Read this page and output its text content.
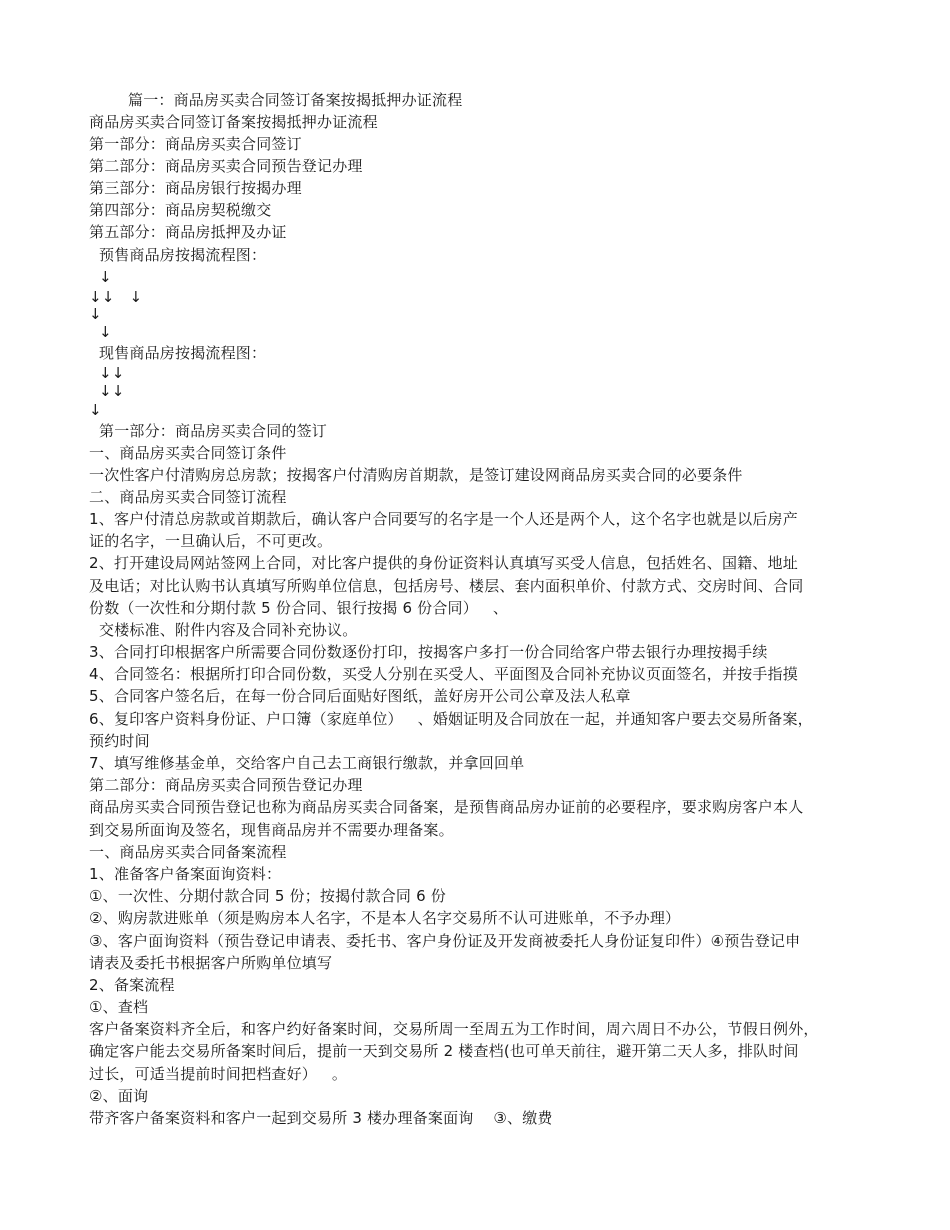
篇一：商品房买卖合同签订备案按揭抵押办证流程
商品房买卖合同签订备案按揭抵押办证流程
第一部分：商品房买卖合同签订
第二部分：商品房买卖合同预告登记办理
第三部分：商品房银行按揭办理
第四部分：商品房契税缴交
第五部分：商品房抵押及办证
预售商品房按揭流程图：
↓
↓↓   ↓
↓
↓
现售商品房按揭流程图：
↓↓
↓↓
↓
第一部分：商品房买卖合同的签订
一、商品房买卖合同签订条件
一次性客户付清购房总房款；按揭客户付清购房首期款，是签订建设网商品房买卖合同的必要条件
二、商品房买卖合同签订流程
1、客户付清总房款或首期款后，确认客户合同要写的名字是一个人还是两个人，这个名字也就是以后房产
证的名字，一旦确认后，不可更改。
2、打开建设局网站签网上合同，对比客户提供的身份证资料认真填写买受人信息，包括姓名、国籍、地址
及电话；对比认购书认真填写所购单位信息，包括房号、楼层、套内面积单价、付款方式、交房时间、合同
份数（一次性和分期付款 5 份合同、银行按揭 6 份合同）   、
交楼标准、附件内容及合同补充协议。
3、合同打印根据客户所需要合同份数逐份打印，按揭客户多打一份合同给客户带去银行办理按揭手续
4、合同签名：根据所打印合同份数，买受人分别在买受人、平面图及合同补充协议页面签名，并按手指摸
5、合同客户签名后，在每一份合同后面贴好图纸，盖好房开公司公章及法人私章
6、复印客户资料身份证、户口簿（家庭单位）   、婚姻证明及合同放在一起，并通知客户要去交易所备案，
预约时间
7、填写维修基金单，交给客户自己去工商银行缴款，并拿回回单
第二部分：商品房买卖合同预告登记办理
商品房买卖合同预告登记也称为商品房买卖合同备案，是预售商品房办证前的必要程序，要求购房客户本人
到交易所面询及签名，现售商品房并不需要办理备案。
一、商品房买卖合同备案流程
1、准备客户备案面询资料：
①、一次性、分期付款合同 5 份；按揭付款合同 6 份
②、购房款进账单（须是购房本人名字，不是本人名字交易所不认可进账单，不予办理）
③、客户面询资料（预告登记申请表、委托书、客户身份证及开发商被委托人身份证复印件）④预告登记申
请表及委托书根据客户所购单位填写
2、备案流程
①、查档
客户备案资料齐全后，和客户约好备案时间，交易所周一至周五为工作时间，周六周日不办公，节假日例外，
确定客户能去交易所备案时间后，提前一天到交易所 2 楼查档(也可单天前往，避开第二天人多，排队时间
过长，可适当提前时间把档查好）   。
②、面询
带齐客户备案资料和客户一起到交易所 3 楼办理备案面询    ③、缴费
